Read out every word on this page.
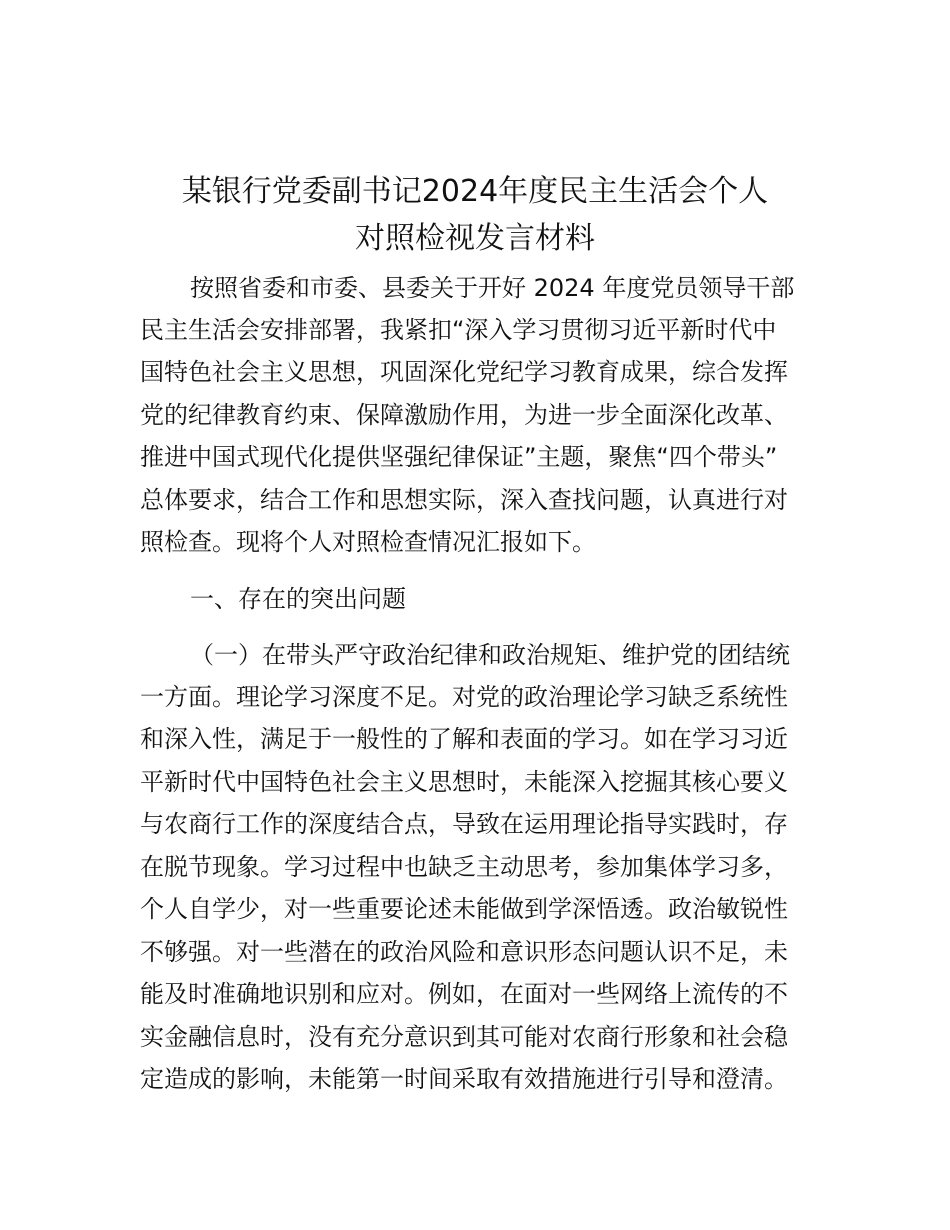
某银行党委副书记2024年度民主生活会个人
对照检视发言材料
按照省委和市委、县委关于开好 2024 年度党员领导干部
民主生活会安排部署，我紧扣“深入学习贯彻习近平新时代中
国特色社会主义思想，巩固深化党纪学习教育成果，综合发挥
党的纪律教育约束、保障激励作用，为进一步全面深化改革、
推进中国式现代化提供坚强纪律保证”主题，聚焦“四个带头”
总体要求，结合工作和思想实际，深入查找问题，认真进行对
照检查。现将个人对照检查情况汇报如下。
一、存在的突出问题
（一）在带头严守政治纪律和政治规矩、维护党的团结统
一方面。理论学习深度不足。对党的政治理论学习缺乏系统性
和深入性，满足于一般性的了解和表面的学习。如在学习习近
平新时代中国特色社会主义思想时，未能深入挖掘其核心要义
与农商行工作的深度结合点，导致在运用理论指导实践时，存
在脱节现象。学习过程中也缺乏主动思考，参加集体学习多，
个人自学少，对一些重要论述未能做到学深悟透。政治敏锐性
不够强。对一些潜在的政治风险和意识形态问题认识不足，未
能及时准确地识别和应对。例如，在面对一些网络上流传的不
实金融信息时，没有充分意识到其可能对农商行形象和社会稳
定造成的影响，未能第一时间采取有效措施进行引导和澄清。
